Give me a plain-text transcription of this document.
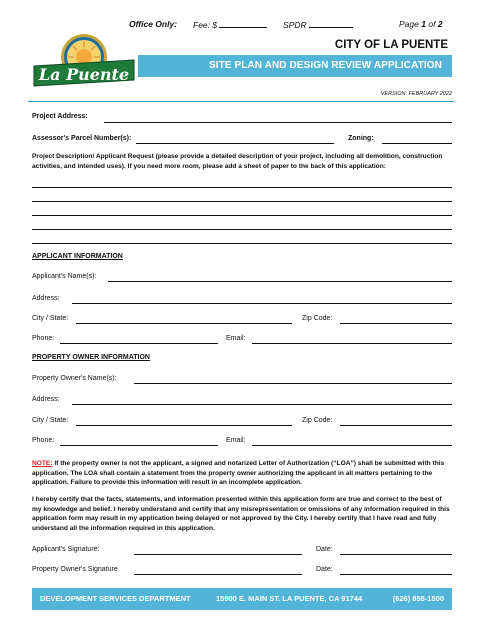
Office Only: Fee: $	SPDR	Page 1 of 2
La Puente
CITY OF LA PUENTE
SITE PLAN AND DESIGN REVIEW APPLICATION
VERSION: FEBRUARY 2022
Project Address:
Assessor's Parcel Number(s):	Zoning:
Project Description/ Applicant Request (please provide a detailed description of your project, including all demolition, construction activities, and intended uses). If you need more room, please add a sheet of paper to the back of this application:
APPLICANT INFORMATION
Applicant's Name(s):
Address:
City / State:	Zip Code:
Phone:	Email:
PROPERTY OWNER INFORMATION
Property Owner's Name(s):
Address:
City / State:	Zip Code:
Phone:	Email:
NOTE: If the property owner is not the applicant, a signed and notarized Letter of Authorization (“LOA”) shall be submitted with this application. The LOA shall contain a statement from the property owner authorizing the applicant in all matters pertaining to the application. Failure to provide this information will result in an incomplete application.
I hereby certify that the facts, statements, and information presented within this application form are true and correct to the best of my knowledge and belief. I hereby understand and certify that any misrepresentation or omissions of any information required in this application form may result in my application being delayed or not approved by the City. I hereby certify that I have read and fully understand all the information required in this application.
Applicant's Signature:	Date:
Property Owner's Signature	Date:
DEVELOPMENT SERVICES DEPARTMENT	15900 E. MAIN ST. LA PUENTE, CA 91744	(626) 855-1500
